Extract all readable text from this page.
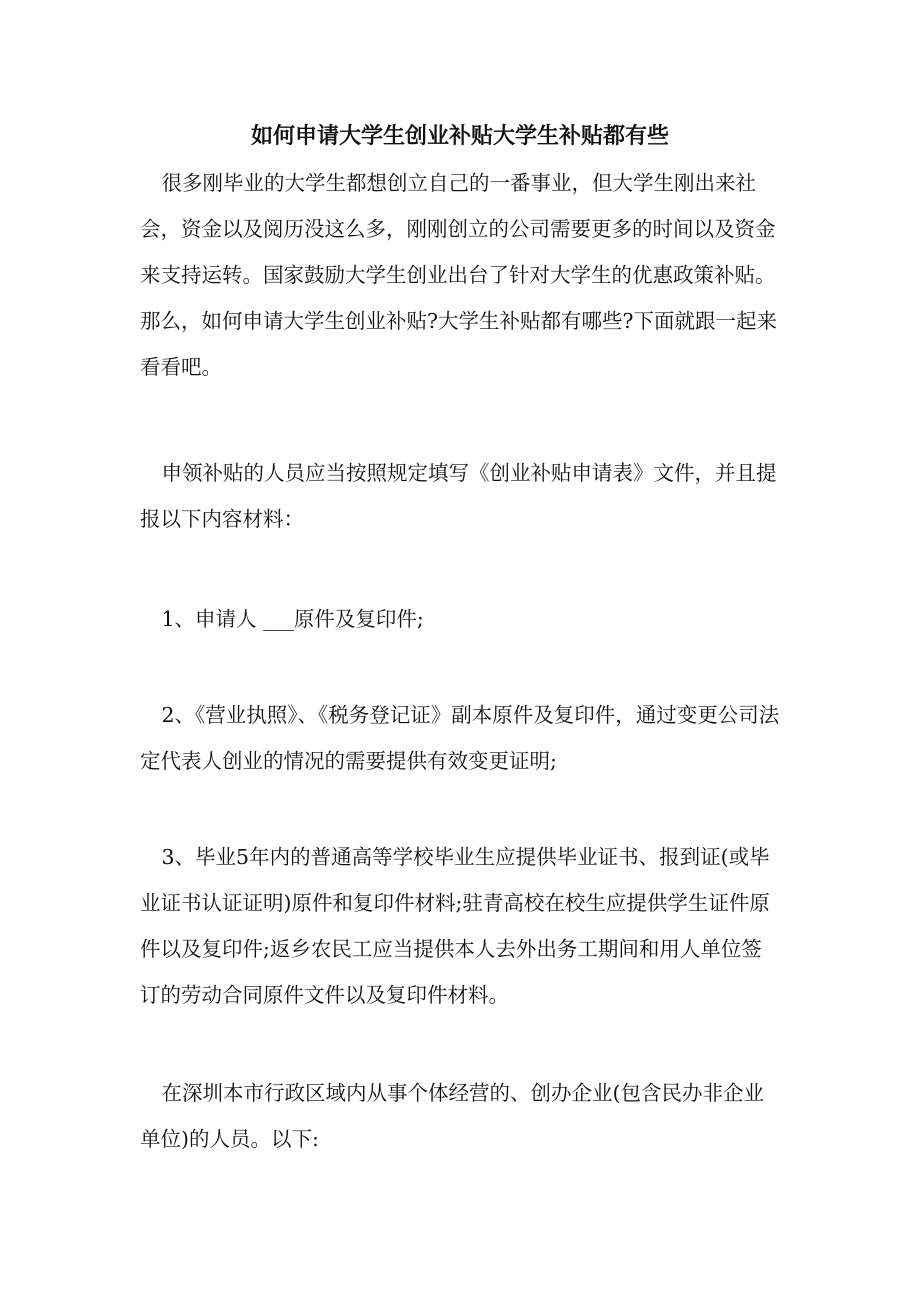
如何申请大学生创业补贴大学生补贴都有些

很多刚毕业的大学生都想创立自己的一番事业，但大学生刚出来社会，资金以及阅历没这么多，刚刚创立的公司需要更多的时间以及资金来支持运转。国家鼓励大学生创业出台了针对大学生的优惠政策补贴。那么，如何申请大学生创业补贴?大学生补贴都有哪些?下面就跟一起来看看吧。

申领补贴的人员应当按照规定填写《创业补贴申请表》文件，并且提报以下内容材料：

1、申请人 ___原件及复印件;

2、《营业执照》、《税务登记证》副本原件及复印件，通过变更公司法定代表人创业的情况的需要提供有效变更证明;

3、毕业5年内的普通高等学校毕业生应提供毕业证书、报到证(或毕业证书认证证明)原件和复印件材料;驻青高校在校生应提供学生证件原件以及复印件;返乡农民工应当提供本人去外出务工期间和用人单位签订的劳动合同原件文件以及复印件材料。

在深圳本市行政区域内从事个体经营的、创办企业(包含民办非企业单位)的人员。以下:
